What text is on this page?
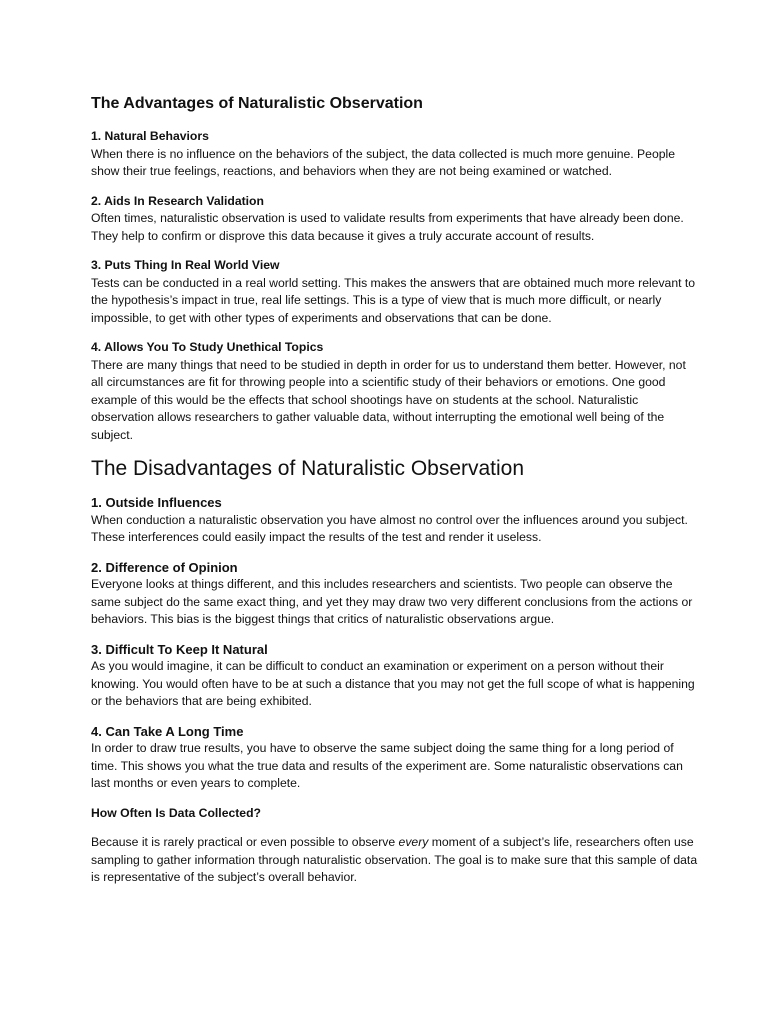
The Advantages of Naturalistic Observation
1. Natural Behaviors
When there is no influence on the behaviors of the subject, the data collected is much more genuine. People show their true feelings, reactions, and behaviors when they are not being examined or watched.
2. Aids In Research Validation
Often times, naturalistic observation is used to validate results from experiments that have already been done. They help to confirm or disprove this data because it gives a truly accurate account of results.
3. Puts Thing In Real World View
Tests can be conducted in a real world setting. This makes the answers that are obtained much more relevant to the hypothesis’s impact in true, real life settings. This is a type of view that is much more difficult, or nearly impossible, to get with other types of experiments and observations that can be done.
4. Allows You To Study Unethical Topics
There are many things that need to be studied in depth in order for us to understand them better. However, not all circumstances are fit for throwing people into a scientific study of their behaviors or emotions. One good example of this would be the effects that school shootings have on students at the school. Naturalistic observation allows researchers to gather valuable data, without interrupting the emotional well being of the subject.
The Disadvantages of Naturalistic Observation
1. Outside Influences
When conduction a naturalistic observation you have almost no control over the influences around you subject. These interferences could easily impact the results of the test and render it useless.
2. Difference of Opinion
Everyone looks at things different, and this includes researchers and scientists. Two people can observe the same subject do the same exact thing, and yet they may draw two very different conclusions from the actions or behaviors. This bias is the biggest things that critics of naturalistic observations argue.
3. Difficult To Keep It Natural
As you would imagine, it can be difficult to conduct an examination or experiment on a person without their knowing. You would often have to be at such a distance that you may not get the full scope of what is happening or the behaviors that are being exhibited.
4. Can Take A Long Time
In order to draw true results, you have to observe the same subject doing the same thing for a long period of time. This shows you what the true data and results of the experiment are. Some naturalistic observations can last months or even years to complete.
How Often Is Data Collected?
Because it is rarely practical or even possible to observe every moment of a subject’s life, researchers often use sampling to gather information through naturalistic observation. The goal is to make sure that this sample of data is representative of the subject’s overall behavior.
